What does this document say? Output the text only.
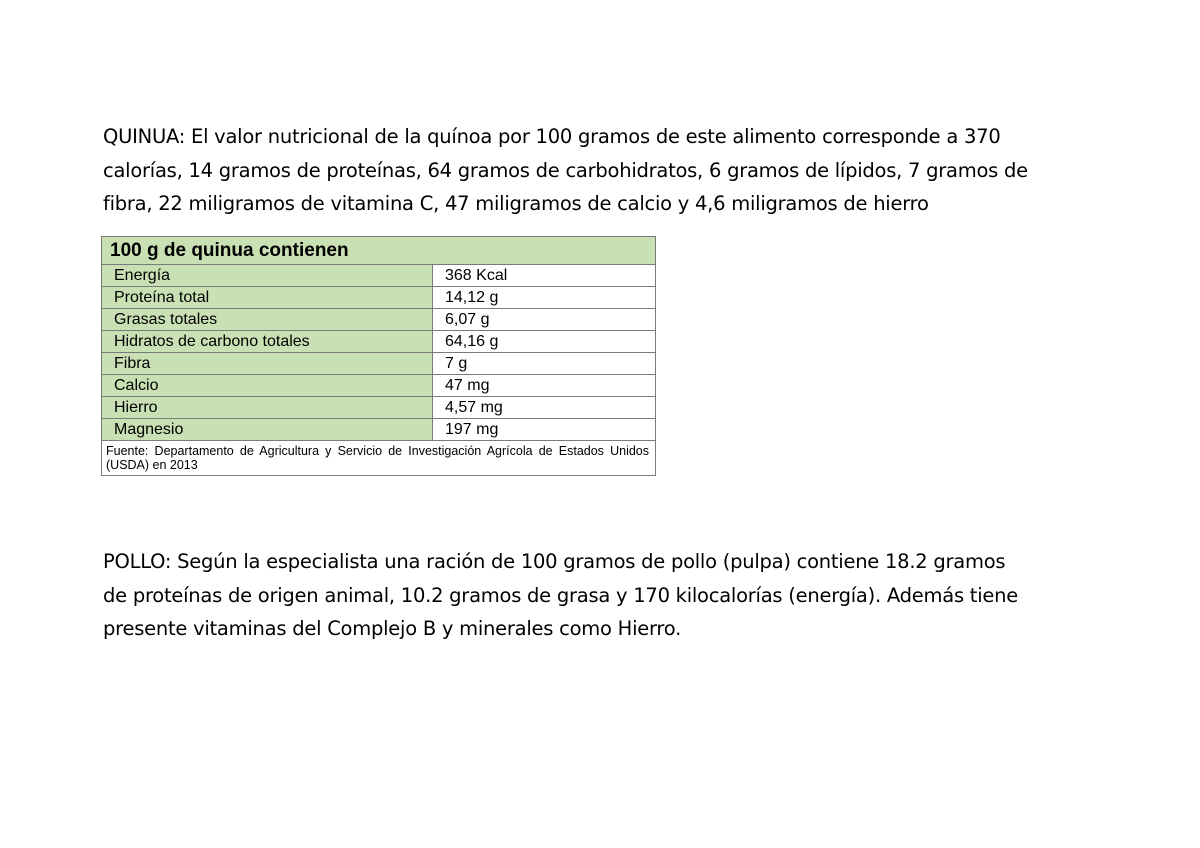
QUINUA: El valor nutricional de la quínoa por 100 gramos de este alimento corresponde a 370
calorías, 14 gramos de proteínas, 64 gramos de carbohidratos, 6 gramos de lípidos, 7 gramos de
fibra, 22 miligramos de vitamina C, 47 miligramos de calcio y 4,6 miligramos de hierro

100 g de quinua contienen	
Energía	368 Kcal
Proteína total	14,12 g
Grasas totales	6,07 g
Hidratos de carbono totales	64,16 g
Fibra	7 g
Calcio	47 mg
Hierro	4,57 mg
Magnesio	197 mg
Fuente: Departamento de Agricultura y Servicio de Investigación Agrícola de Estados Unidos (USDA) en 2013	

POLLO: Según la especialista una ración de 100 gramos de pollo (pulpa) contiene 18.2 gramos
de proteínas de origen animal, 10.2 gramos de grasa y 170 kilocalorías (energía). Además tiene
presente vitaminas del Complejo B y minerales como Hierro.
